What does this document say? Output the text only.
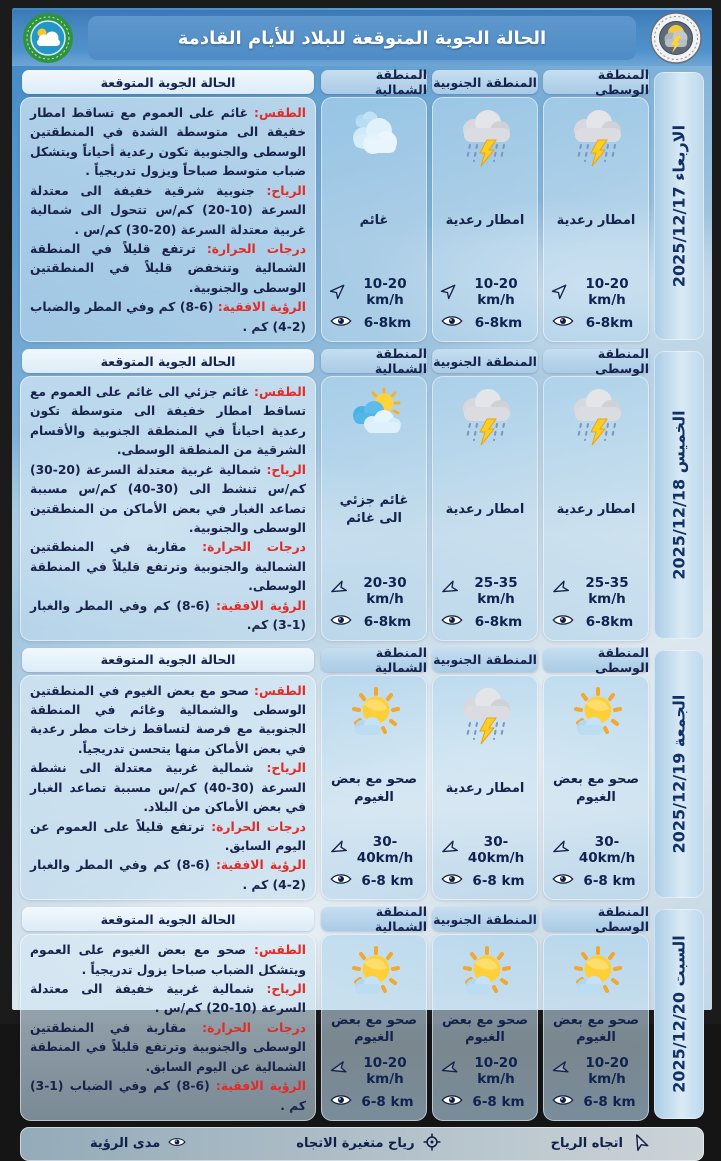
الحالة الجوية المتوقعة للبلاد للأيام القادمة
الاربعاء 2025/12/17
المنطقة الوسطى
امطار رعدية
10-20 km/h
6-8km
المنطقة الجنوبية
امطار رعدية
10-20 km/h
6-8km
المنطقة الشمالية
غائم
10-20 km/h
6-8km
الحالة الجوية المتوقعة

الطقس: غائم على العموم مع تساقط امطار خفيفة الى متوسطة الشدة في المنطقتين الوسطى والجنوبية تكون رعدية أحياناً ويتشكل ضباب متوسط صباحاً ويزول تدريجياً .

الرياح: جنوبية شرقية خفيفة الى معتدلة السرعة (10-20) كم/س تتحول الى شمالية غربية معتدلة السرعة (20-30) كم/س .

درجات الحرارة: ترتفع قليلاً في المنطقة الشمالية وتنخفض قليلاً في المنطقتين الوسطى والجنوبية.

الرؤية الافقية: (6-8) كم وفي المطر والضباب (2-4) كم .

الخميس 2025/12/18
المنطقة الوسطى
امطار رعدية
25-35 km/h
6-8km
المنطقة الجنوبية
امطار رعدية
25-35 km/h
6-8km
المنطقة الشمالية
غائم جزئي الى غائم
20-30 km/h
6-8km
الحالة الجوية المتوقعة

الطقس: غائم جزئي الى غائم على العموم مع تساقط امطار خفيفة الى متوسطة تكون رعدية احياناً في المنطقة الجنوبية والأقسام الشرقية من المنطقة الوسطى.

الرياح: شمالية غربية معتدلة السرعة (20-30) كم/س تنشط الى (30-40) كم/س مسببة تصاعد الغبار في بعض الأماكن من المنطقتين الوسطى والجنوبية.

درجات الحرارة: مقاربة في المنطقتين الشمالية والجنوبية وترتفع قليلاً في المنطقة الوسطى.

الرؤية الافقية: (6-8) كم وفي المطر والغبار (1-3) كم.

الجمعة 2025/12/19
المنطقة الوسطى
صحو مع بعض الغيوم
30-40km/h
6-8 km
المنطقة الجنوبية
امطار رعدية
30-40km/h
6-8 km
المنطقة الشمالية
صحو مع بعض الغيوم
30-40km/h
6-8 km
الحالة الجوية المتوقعة

الطقس: صحو مع بعض الغيوم في المنطقتين الوسطى والشمالية وغائم في المنطقة الجنوبية مع فرصة لتساقط زخات مطر رعدية في بعض الأماكن منها يتحسن تدريجياً.

الرياح: شمالية غربية معتدلة الى نشطة السرعة (30-40) كم/س مسببة تصاعد الغبار في بعض الأماكن من البلاد.

درجات الحرارة: ترتفع قليلاً على العموم عن اليوم السابق.

الرؤية الافقية: (6-8) كم وفي المطر والغبار (2-4) كم .

السبت 2025/12/20
المنطقة الوسطى
صحو مع بعض الغيوم
10-20 km/h
6-8 km
المنطقة الجنوبية
صحو مع بعض الغيوم
10-20 km/h
6-8 km
المنطقة الشمالية
صحو مع بعض الغيوم
10-20 km/h
6-8 km
الحالة الجوية المتوقعة

الطقس: صحو مع بعض الغيوم على العموم ويتشكل الضباب صباحا يزول تدريجياً .

الرياح: شمالية غربية خفيفة الى معتدلة السرعة (10-20) كم/س .

درجات الحرارة: مقاربة في المنطقتين الوسطى والجنوبية وترتفع قليلاً في المنطقة الشمالية عن اليوم السابق.

الرؤية الافقية: (6-8) كم وفي الضباب (1-3) كم .

اتجاه الرياح
رياح متغيرة الاتجاه
مدى الرؤية
